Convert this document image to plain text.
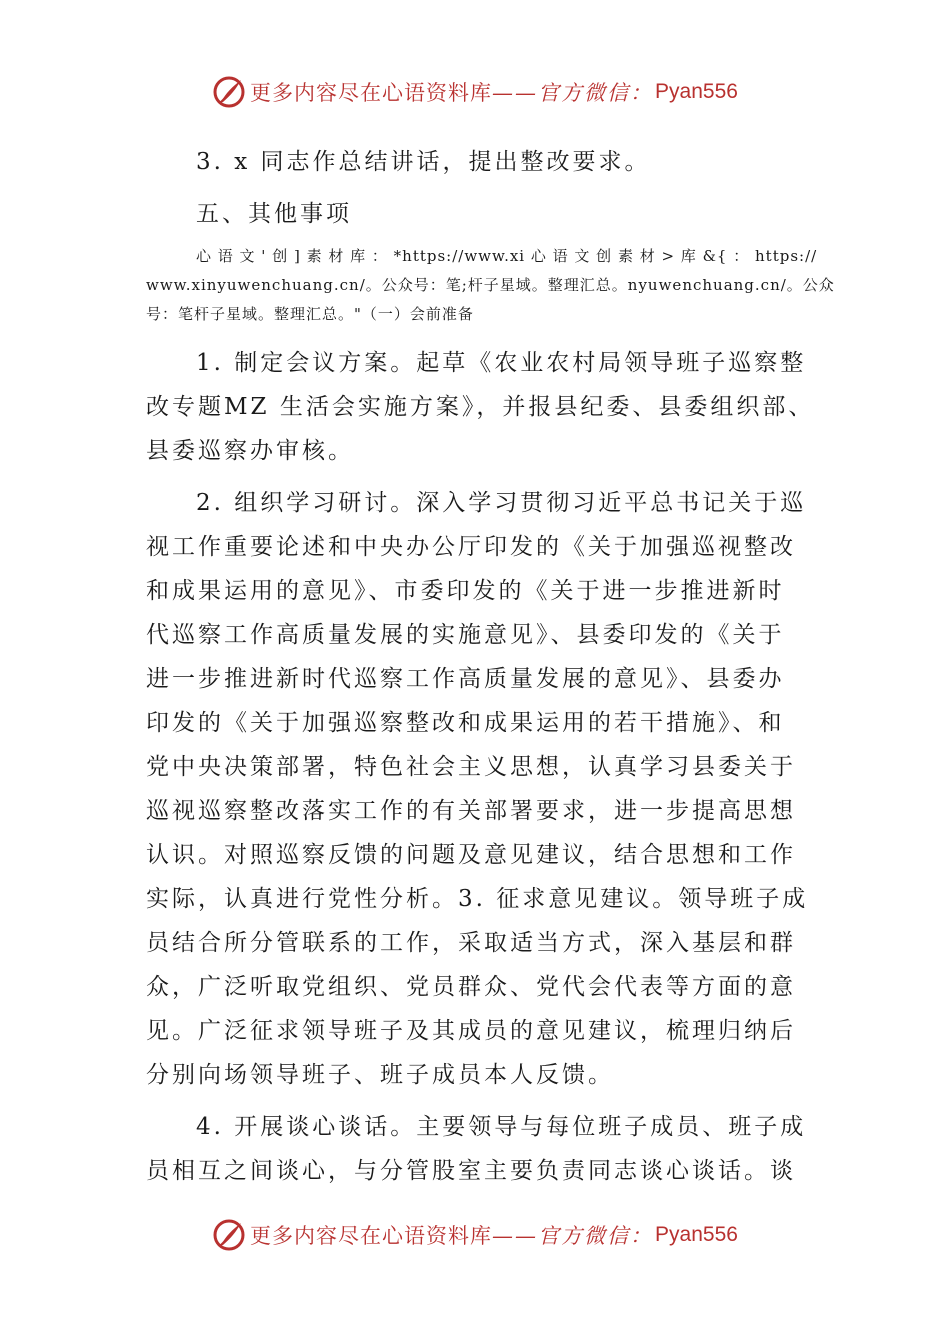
更多内容尽在心语资料库 ——官方微信： Pyan556
3. x 同志作总结讲话，提出整改要求。
五、其他事项
心 语 文 ' 创 ] 素 材 库 ： *https://www.xi 心 语 文 创 素 材 > 库 &{ ： https://
www.xinyuwenchuang.cn/。公众号：笔;杆子星域。整理汇总。nyuwenchuang.cn/。公众
号：笔杆子星域。整理汇总。"（一）会前准备
1. 制定会议方案。起草《农业农村局领导班子巡察整
改专题MZ 生活会实施方案》，并报县纪委、县委组织部、
县委巡察办审核。
2. 组织学习研讨。深入学习贯彻习近平总书记关于巡
视工作重要论述和中央办公厅印发的《关于加强巡视整改
和成果运用的意见》、市委印发的《关于进一步推进新时
代巡察工作高质量发展的实施意见》、县委印发的《关于
进一步推进新时代巡察工作高质量发展的意见》、县委办
印发的《关于加强巡察整改和成果运用的若干措施》、和
党中央决策部署，特色社会主义思想，认真学习县委关于
巡视巡察整改落实工作的有关部署要求，进一步提高思想
认识。对照巡察反馈的问题及意见建议，结合思想和工作
实际，认真进行党性分析。3. 征求意见建议。领导班子成
员结合所分管联系的工作，采取适当方式，深入基层和群
众，广泛听取党组织、党员群众、党代会代表等方面的意
见。广泛征求领导班子及其成员的意见建议，梳理归纳后
分别向场领导班子、班子成员本人反馈。
4. 开展谈心谈话。主要领导与每位班子成员、班子成
员相互之间谈心，与分管股室主要负责同志谈心谈话。谈
更多内容尽在心语资料库 ——官方微信： Pyan556
